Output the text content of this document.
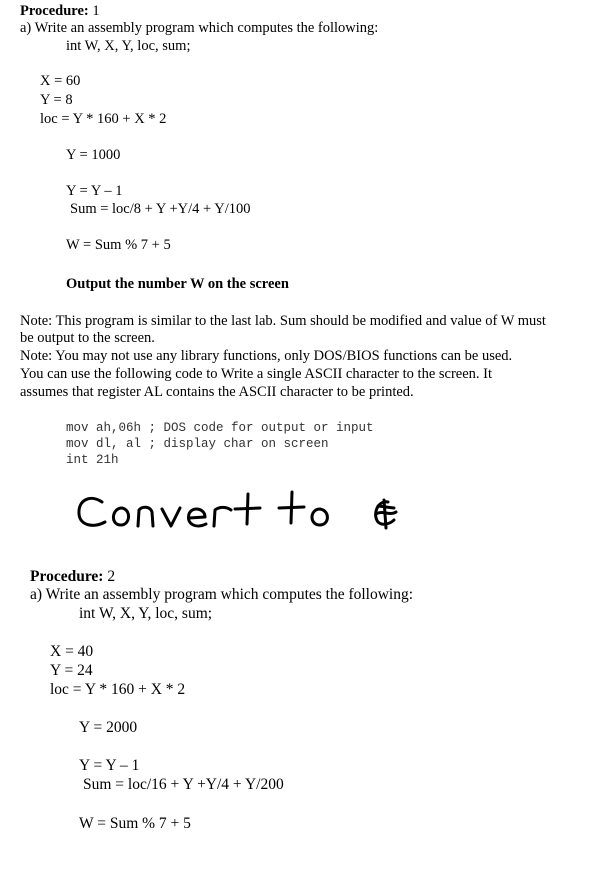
Procedure: 1
a) Write an assembly program which computes the following:
int W, X, Y, loc, sum;
X = 60
Y = 8
loc = Y * 160 + X * 2
Y = 1000
Y = Y – 1
Sum = loc/8 + Y +Y/4 + Y/100
W = Sum % 7 + 5
Output the number W on the screen
Note: This program is similar to the last lab. Sum should be modified and value of W must
be output to the screen.
Note: You may not use any library functions, only DOS/BIOS functions can be used.
You can use the following code to Write a single ASCII character to the screen. It
assumes that register AL contains the ASCII character to be printed.
mov ah,06h ; DOS code for output or input
mov dl, al ; display char on screen
int 21h
Procedure: 2
a) Write an assembly program which computes the following:
int W, X, Y, loc, sum;
X = 40
Y = 24
loc = Y * 160 + X * 2
Y = 2000
Y = Y – 1
Sum = loc/16 + Y +Y/4 + Y/200
W = Sum % 7 + 5
